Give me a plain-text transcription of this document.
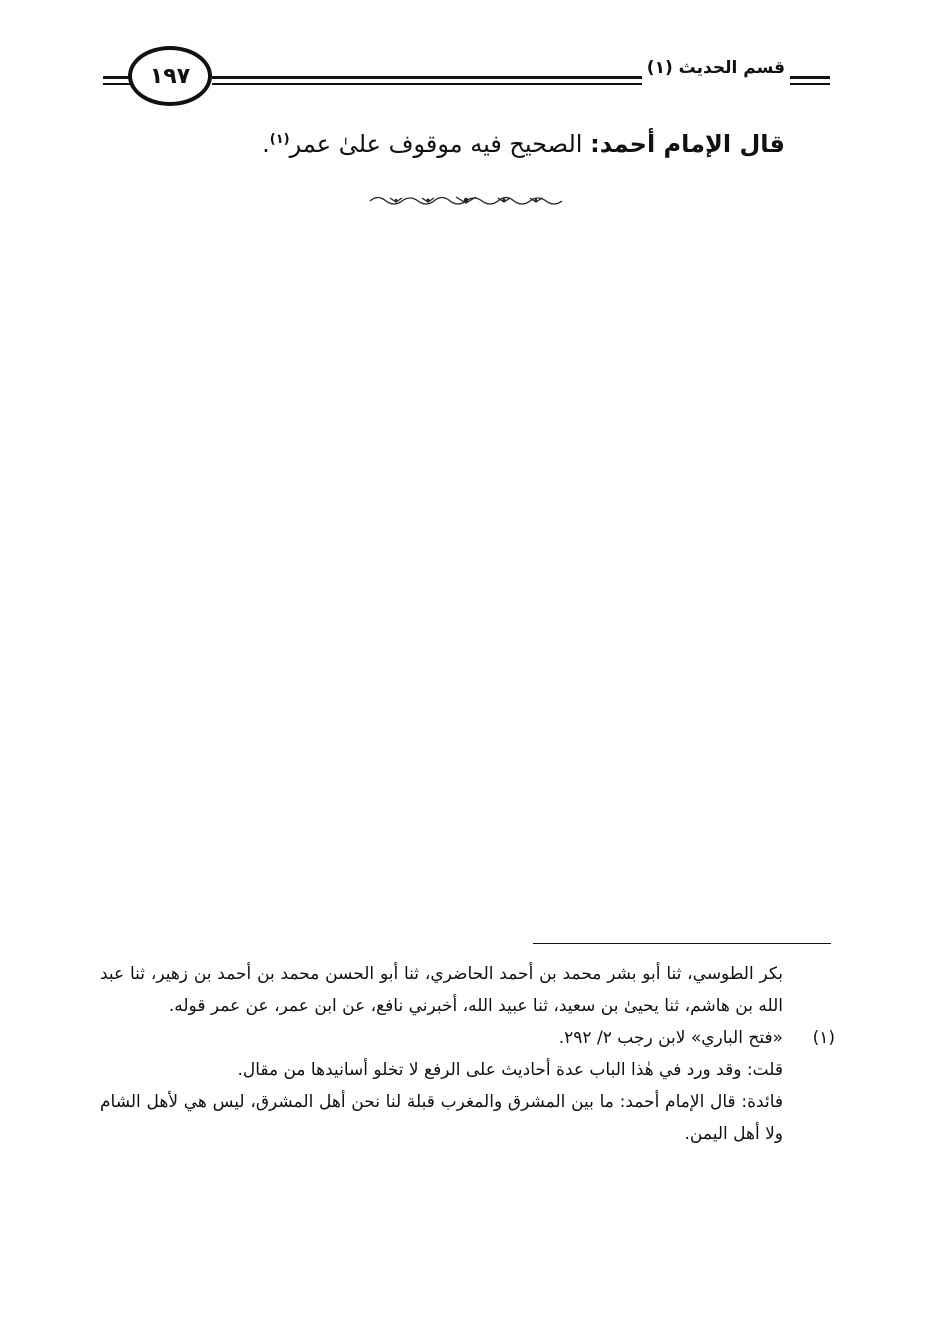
قسم الحديث (١)
١٩٧
قال الإمام أحمد: الصحيح فيه موقوف علىٰ عمر$^{(١)}$.

بكر الطوسي، ثنا أبو بشر محمد بن أحمد الحاضري، ثنا أبو الحسن محمد بن أحمد بن زهير، ثنا عبد الله بن هاشم، ثنا يحيىٰ بن سعيد، ثنا عبيد الله، أخبرني نافع، عن ابن عمر، عن عمر قوله.

(١)
«فتح الباري» لابن رجب ٢/ ٢٩٢.

قلت: وقد ورد في هٰذا الباب عدة أحاديث على الرفع لا تخلو أسانيدها من مقال.

فائدة: قال الإمام أحمد: ما بين المشرق والمغرب قبلة لنا نحن أهل المشرق، ليس هي لأهل الشام ولا أهل اليمن.
